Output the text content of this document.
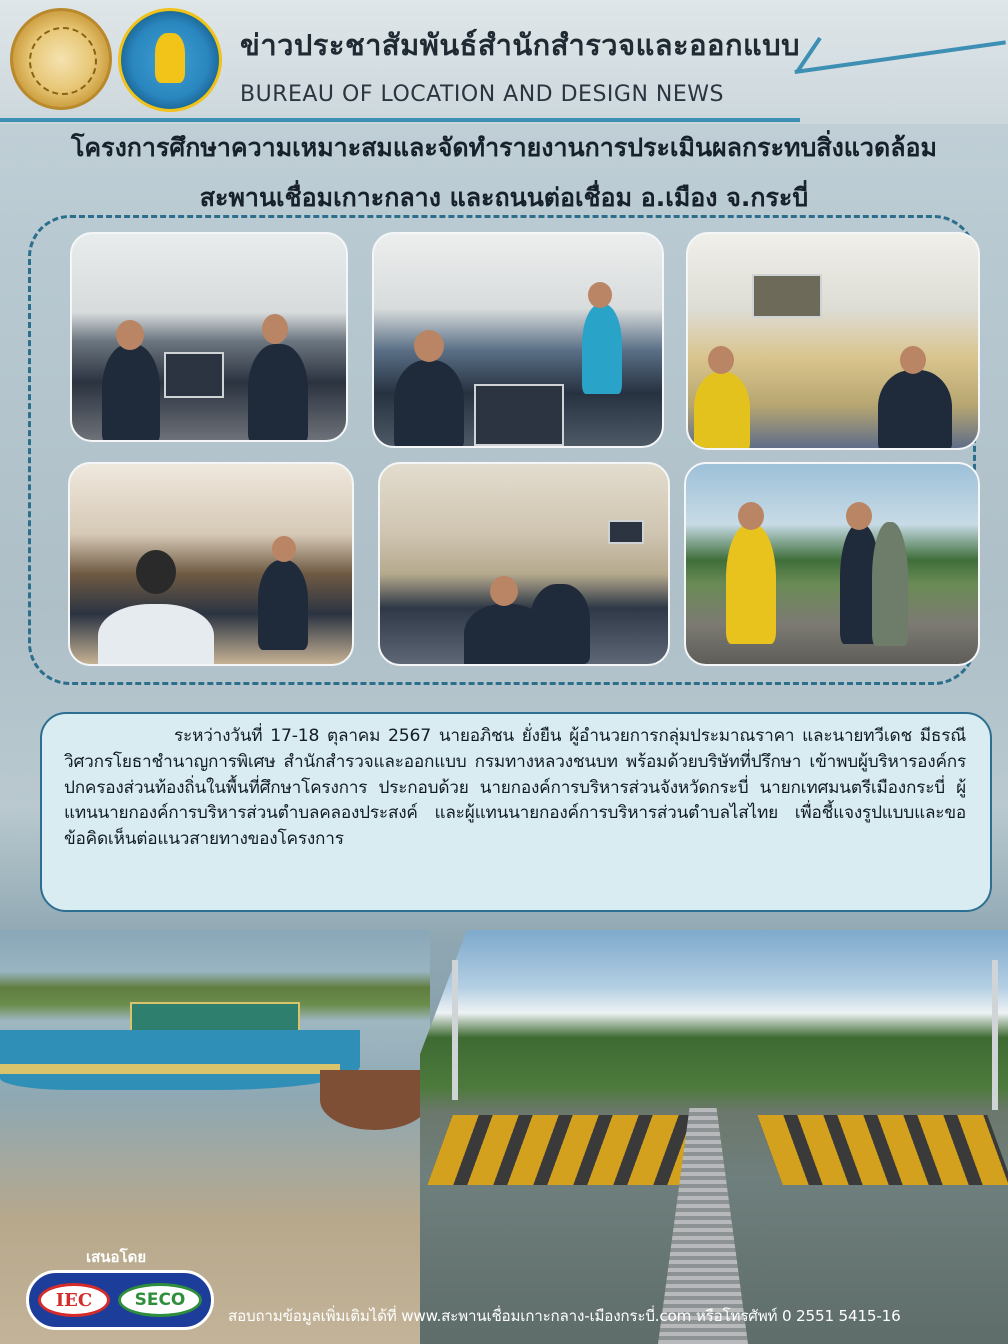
ข่าวประชาสัมพันธ์สำนักสำรวจและออกแบบ
BUREAU OF LOCATION AND DESIGN NEWS
โครงการศึกษาความเหมาะสมและจัดทำรายงานการประเมินผลกระทบสิ่งแวดล้อม
สะพานเชื่อมเกาะกลาง และถนนต่อเชื่อม อ.เมือง จ.กระบี่

ระหว่างวันที่ 17-18 ตุลาคม 2567 นายอภิชน ยั่งยืน ผู้อำนวยการกลุ่มประมาณราคา และนายทวีเดช มีธรณี วิศวกรโยธาชำนาญการพิเศษ สำนักสำรวจและออกแบบ กรมทางหลวงชนบท พร้อมด้วยบริษัทที่ปรึกษา เข้าพบผู้บริหารองค์กรปกครองส่วนท้องถิ่นในพื้นที่ศึกษาโครงการ ประกอบด้วย นายกองค์การบริหารส่วนจังหวัดกระบี่ นายกเทศมนตรีเมืองกระบี่ ผู้แทนนายกองค์การบริหารส่วนตำบลคลองประสงค์ และผู้แทนนายกองค์การบริหารส่วนตำบลไสไทย เพื่อชี้แจงรูปแบบและขอข้อคิดเห็นต่อแนวสายทางของโครงการ

เสนอโดย
IEC	SECO
สอบถามข้อมูลเพิ่มเติมได้ที่ www.สะพานเชื่อมเกาะกลาง-เมืองกระบี่.com หรือโทรศัพท์ 0 2551 5415-16
